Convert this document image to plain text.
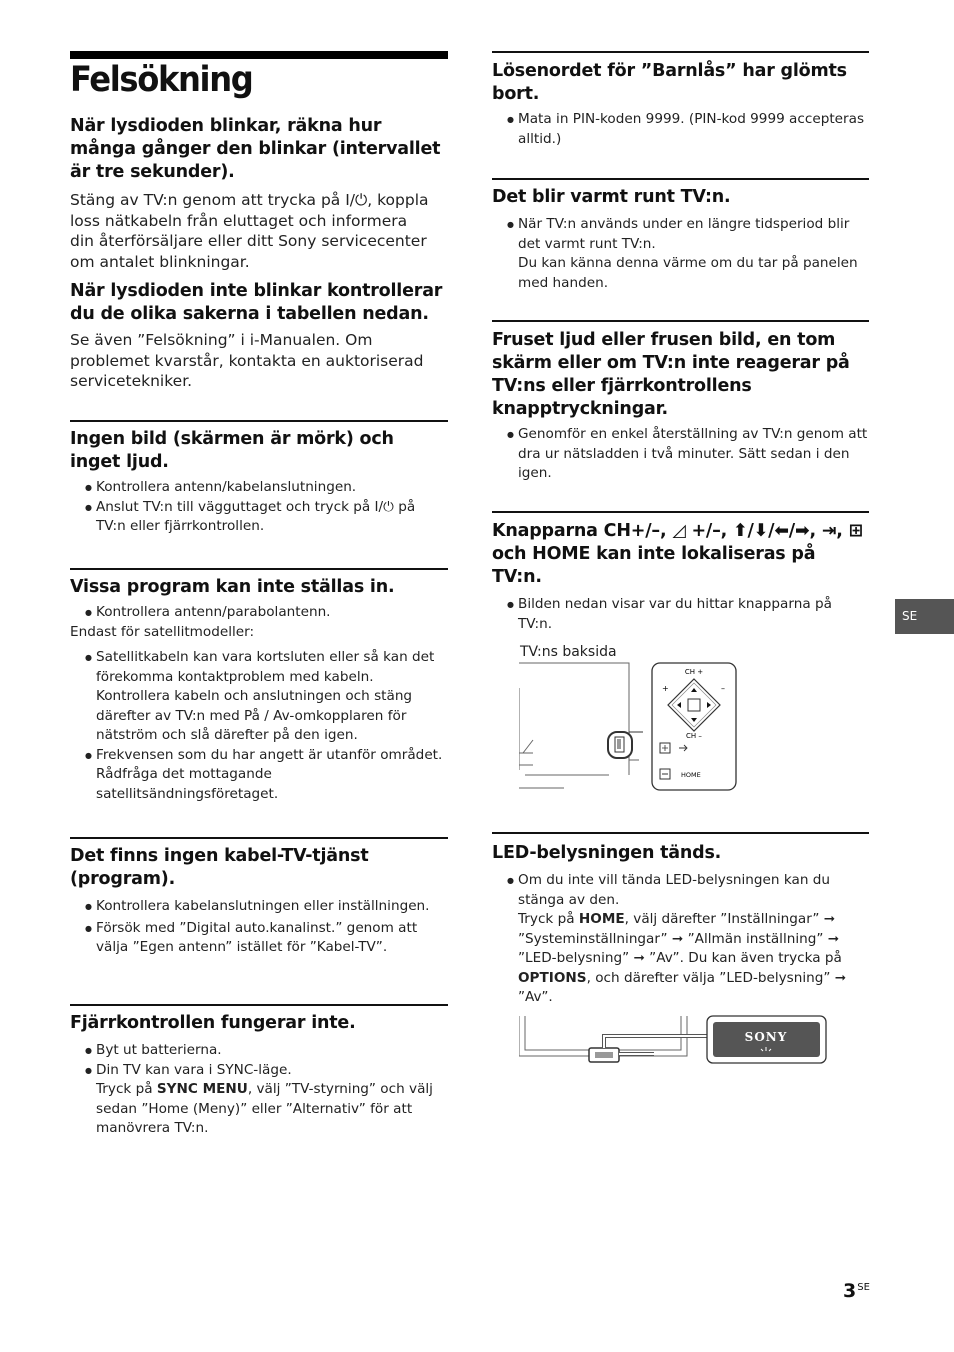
Felsökning

När lysdioden blinkar, räkna hur många gånger den blinkar (intervallet är tre sekunder).

Stäng av TV:n genom att trycka på I/⏻, koppla loss nätkabeln från eluttaget och informera din återförsäljare eller ditt Sony servicecenter om antalet blinkningar.

När lysdioden inte blinkar kontrollerar du de olika sakerna i tabellen nedan.

Se även ”Felsökning” i i-Manualen. Om problemet kvarstår, kontakta en auktoriserad servicetekniker.

Ingen bild (skärmen är mörk) och inget ljud.
● Kontrollera antenn/kabelanslutningen.
● Anslut TV:n till vägguttaget och tryck på I/⏻ på TV:n eller fjärrkontrollen.
Vissa program kan inte ställas in.
● Kontrollera antenn/parabolantenn.
Endast för satellitmodeller:
● Satellitkabeln kan vara kortsluten eller så kan det förekomma kontaktproblem med kabeln. Kontrollera kabeln och anslutningen och stäng därefter av TV:n med På / Av-omkopplaren för nätström och slå därefter på den igen.
● Frekvensen som du har angett är utanför området. Rådfråga det mottagande satellitsändningsföretaget.
Det finns ingen kabel-TV-tjänst (program).
● Kontrollera kabelanslutningen eller inställningen.
● Försök med ”Digital auto.kanalinst.” genom att välja ”Egen antenn” istället för ”Kabel-TV”.
Fjärrkontrollen fungerar inte.
● Byt ut batterierna.
● Din TV kan vara i SYNC-läge.
Tryck på SYNC MENU, välj ”TV-styrning” och välj sedan ”Home (Meny)” eller ”Alternativ” för att manövrera TV:n.
Lösenordet för ”Barnlås” har glömts bort.
● Mata in PIN-koden 9999. (PIN-kod 9999 accepteras alltid.)
Det blir varmt runt TV:n.
● När TV:n används under en längre tidsperiod blir det varmt runt TV:n.
Du kan känna denna värme om du tar på panelen med handen.
Fruset ljud eller frusen bild, en tom skärm eller om TV:n inte reagerar på TV:ns eller fjärrkontrollens knapptryckningar.
● Genomför en enkel återställning av TV:n genom att dra ur nätsladden i två minuter. Sätt sedan i den igen.
Knapparna CH+/–, ◿ +/–, ⬆/⬇/⬅/➡, ⇥, ⊞ och HOME kan inte lokaliseras på TV:n.
● Bilden nedan visar var du hittar knapparna på TV:n.
TV:ns baksida
CH +
CH –
+	–
HOME
LED-belysningen tänds.
● Om du inte vill tända LED-belysningen kan du stänga av den.
Tryck på HOME, välj därefter ”Inställningar” ➞ ”Systeminställningar” ➞ ”Allmän inställning” ➞ ”LED-belysning” ➞ ”Av”. Du kan även trycka på OPTIONS, och därefter välja ”LED-belysning” ➞ ”Av”.
SONY
SE
$3^{SE}$
